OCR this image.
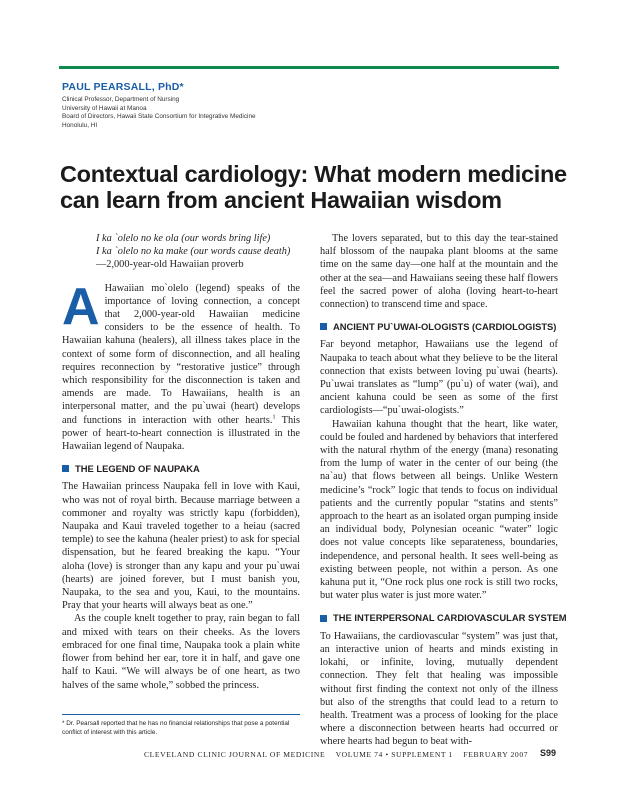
PAUL PEARSALL, PhD*
Clinical Professor, Department of Nursing
University of Hawaii at Manoa
Board of Directors, Hawaii State Consortium for Integrative Medicine
Honolulu, HI
Contextual cardiology: What modern medicine
can learn from ancient Hawaiian wisdom
I ka `olelo no ke ola (our words bring life)
I ka `olelo no ka make (our words cause death)
—2,000-year-old Hawaiian proverb

A Hawaiian mo`olelo (legend) speaks of the importance of loving connection, a concept that 2,000-year-old Hawaiian medicine considers to be the essence of health. To Hawaiian kahuna (healers), all illness takes place in the context of some form of disconnection, and all healing requires reconnection by “restorative justice” through which responsibility for the disconnection is taken and amends are made. To Hawaiians, health is an interpersonal matter, and the pu`uwai (heart) develops and functions in interaction with other hearts.$^1$ This power of heart-to-heart connection is illustrated in the Hawaiian legend of Naupaka.

THE LEGEND OF NAUPAKA

The Hawaiian princess Naupaka fell in love with Kaui, who was not of royal birth. Because marriage between a commoner and royalty was strictly kapu (forbidden), Naupaka and Kaui traveled together to a heiau (sacred temple) to see the kahuna (healer priest) to ask for special dispensation, but he feared breaking the kapu. “Your aloha (love) is stronger than any kapu and your pu`uwai (hearts) are joined forever, but I must banish you, Naupaka, to the sea and you, Kaui, to the mountains. Pray that your hearts will always beat as one.”

As the couple knelt together to pray, rain began to fall and mixed with tears on their cheeks. As the lovers embraced for one final time, Naupaka took a plain white flower from behind her ear, tore it in half, and gave one half to Kaui. “We will always be of one heart, as two halves of the same whole,” sobbed the princess.

The lovers separated, but to this day the tear-stained half blossom of the naupaka plant blooms at the same time on the same day—one half at the mountain and the other at the sea—and Hawaiians seeing these half flowers feel the sacred power of aloha (loving heart-to-heart connection) to transcend time and space.

ANCIENT PU`UWAI-OLOGISTS (CARDIOLOGISTS)

Far beyond metaphor, Hawaiians use the legend of Naupaka to teach about what they believe to be the literal connection that exists between loving pu`uwai (hearts). Pu`uwai translates as “lump” (pu`u) of water (wai), and ancient kahuna could be seen as some of the first cardiologists—“pu`uwai-ologists.”

Hawaiian kahuna thought that the heart, like water, could be fouled and hardened by behaviors that interfered with the natural rhythm of the energy (mana) resonating from the lump of water in the center of our being (the na`au) that flows between all beings. Unlike Western medicine’s “rock” logic that tends to focus on individual patients and the currently popular “statins and stents” approach to the heart as an isolated organ pumping inside an individual body, Polynesian oceanic “water” logic does not value concepts like separateness, boundaries, independence, and personal health. It sees well-being as existing between people, not within a person. As one kahuna put it, “One rock plus one rock is still two rocks, but water plus water is just more water.”

THE INTERPERSONAL CARDIOVASCULAR SYSTEM

To Hawaiians, the cardiovascular “system” was just that, an interactive union of hearts and minds existing in lokahi, or infinite, loving, mutually dependent connection. They felt that healing was impossible without first finding the context not only of the illness but also of the strengths that could lead to a return to health. Treatment was a process of looking for the place where a disconnection between hearts had occurred or where hearts had begun to beat with-

* Dr. Pearsall reported that he has no financial relationships that pose a potential conflict of interest with this article.
CLEVELAND CLINIC JOURNAL OF MEDICINE VOLUME 74 • SUPPLEMENT 1 FEBRUARY 2007	S99
